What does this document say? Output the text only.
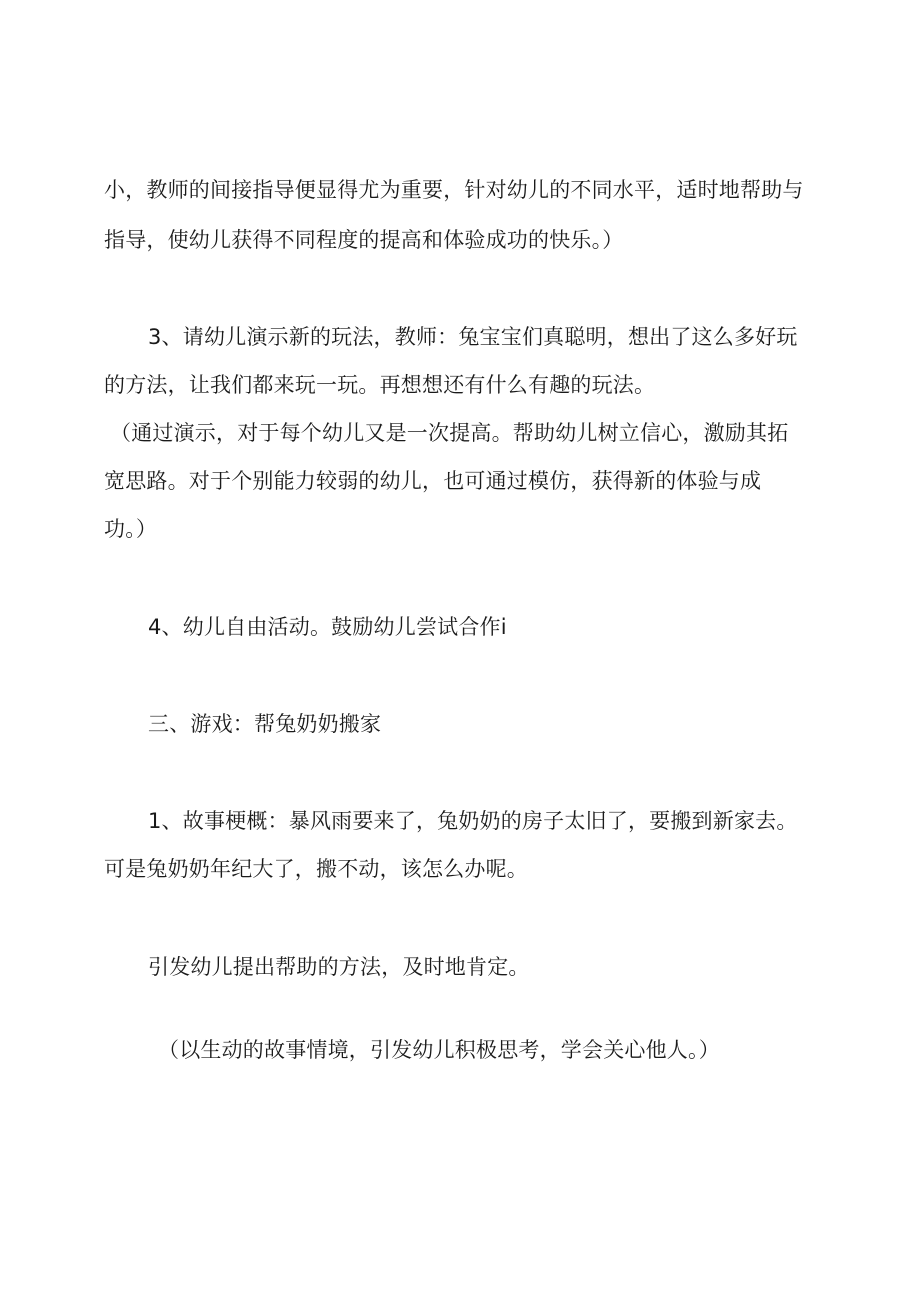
小，教师的间接指导便显得尤为重要，针对幼儿的不同水平，适时地帮助与
指导，使幼儿获得不同程度的提高和体验成功的快乐。）
3、请幼儿演示新的玩法，教师：兔宝宝们真聪明，想出了这么多好玩
的方法，让我们都来玩一玩。再想想还有什么有趣的玩法。
（通过演示，对于每个幼儿又是一次提高。帮助幼儿树立信心，激励其拓
宽思路。对于个别能力较弱的幼儿，也可通过模仿，获得新的体验与成
功。）
4、幼儿自由活动。鼓励幼儿尝试合作i
三、游戏：帮兔奶奶搬家
1、故事梗概：暴风雨要来了，兔奶奶的房子太旧了，要搬到新家去。
可是兔奶奶年纪大了，搬不动，该怎么办呢。
引发幼儿提出帮助的方法，及时地肯定。
（以生动的故事情境，引发幼儿积极思考，学会关心他人。）
